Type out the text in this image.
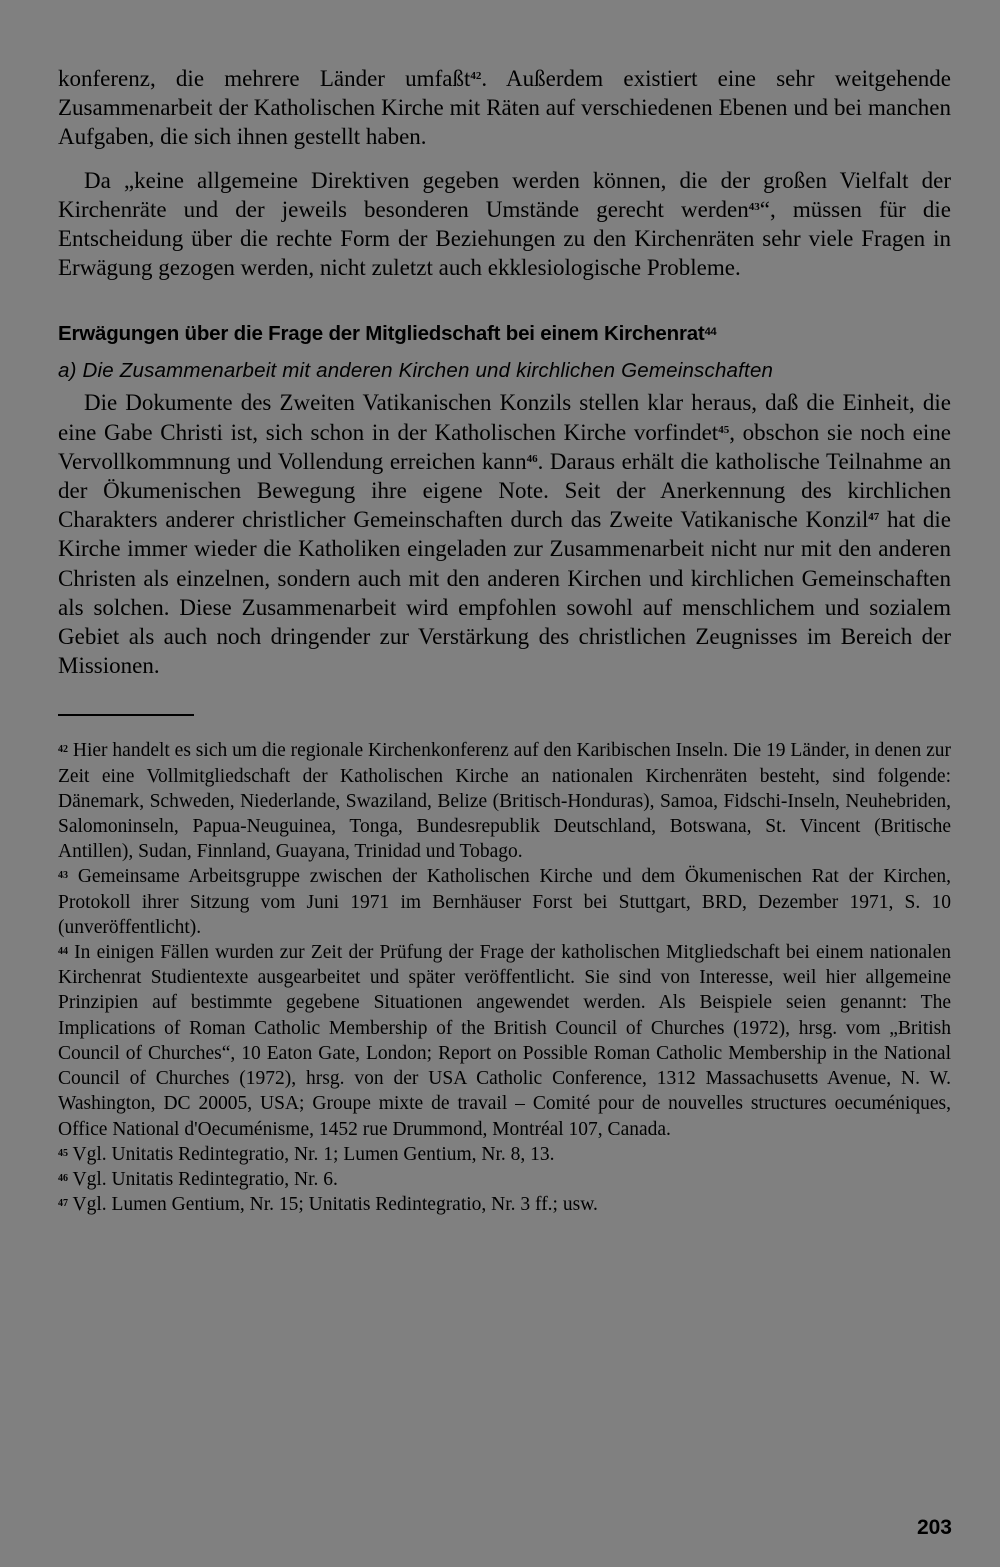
konferenz, die mehrere Länder umfaßt$^{42}$. Außerdem existiert eine sehr weitgehende Zusammenarbeit der Katholischen Kirche mit Räten auf verschiedenen Ebenen und bei manchen Aufgaben, die sich ihnen gestellt haben.

Da „keine allgemeine Direktiven gegeben werden können, die der großen Vielfalt der Kirchenräte und der jeweils besonderen Umstände gerecht werden$^{43}$“, müssen für die Entscheidung über die rechte Form der Beziehungen zu den Kirchenräten sehr viele Fragen in Erwägung gezogen werden, nicht zuletzt auch ekklesiologische Probleme.

Erwägungen über die Frage der Mitgliedschaft bei einem Kirchenrat$^{44}$

a) Die Zusammenarbeit mit anderen Kirchen und kirchlichen Gemeinschaften

Die Dokumente des Zweiten Vatikanischen Konzils stellen klar heraus, daß die Einheit, die eine Gabe Christi ist, sich schon in der Katholischen Kirche vorfindet$^{45}$, obschon sie noch eine Vervollkommnung und Vollendung erreichen kann$^{46}$. Daraus erhält die katholische Teilnahme an der Ökumenischen Bewegung ihre eigene Note. Seit der Anerkennung des kirchlichen Charakters anderer christlicher Gemeinschaften durch das Zweite Vatikanische Konzil$^{47}$ hat die Kirche immer wieder die Katholiken eingeladen zur Zusammenarbeit nicht nur mit den anderen Christen als einzelnen, sondern auch mit den anderen Kirchen und kirchlichen Gemeinschaften als solchen. Diese Zusammenarbeit wird empfohlen sowohl auf menschlichem und sozialem Gebiet als auch noch dringender zur Verstärkung des christlichen Zeugnisses im Bereich der Missionen.

$^{42}$ Hier handelt es sich um die regionale Kirchenkonferenz auf den Karibischen Inseln. Die 19 Länder, in denen zur Zeit eine Vollmitgliedschaft der Katholischen Kirche an nationalen Kirchenräten besteht, sind folgende: Dänemark, Schweden, Niederlande, Swaziland, Belize (Britisch-Honduras), Samoa, Fidschi-Inseln, Neuhebriden, Salomoninseln, Papua-Neuguinea, Tonga, Bundesrepublik Deutschland, Botswana, St. Vincent (Britische Antillen), Sudan, Finnland, Guayana, Trinidad und Tobago.

$^{43}$ Gemeinsame Arbeitsgruppe zwischen der Katholischen Kirche und dem Ökumenischen Rat der Kirchen, Protokoll ihrer Sitzung vom Juni 1971 im Bernhäuser Forst bei Stuttgart, BRD, Dezember 1971, S. 10 (unveröffentlicht).

$^{44}$ In einigen Fällen wurden zur Zeit der Prüfung der Frage der katholischen Mitgliedschaft bei einem nationalen Kirchenrat Studientexte ausgearbeitet und später veröffentlicht. Sie sind von Interesse, weil hier allgemeine Prinzipien auf bestimmte gegebene Situationen angewendet werden. Als Beispiele seien genannt: The Implications of Roman Catholic Membership of the British Council of Churches (1972), hrsg. vom „British Council of Churches“, 10 Eaton Gate, London; Report on Possible Roman Catholic Membership in the National Council of Churches (1972), hrsg. von der USA Catholic Conference, 1312 Massachusetts Avenue, N. W. Washington, DC 20005, USA; Groupe mixte de travail – Comité pour de nouvelles structures oecuméniques, Office National d'Oecuménisme, 1452 rue Drummond, Montréal 107, Canada.

$^{45}$ Vgl. Unitatis Redintegratio, Nr. 1; Lumen Gentium, Nr. 8, 13.

$^{46}$ Vgl. Unitatis Redintegratio, Nr. 6.

$^{47}$ Vgl. Lumen Gentium, Nr. 15; Unitatis Redintegratio, Nr. 3 ff.; usw.

203
